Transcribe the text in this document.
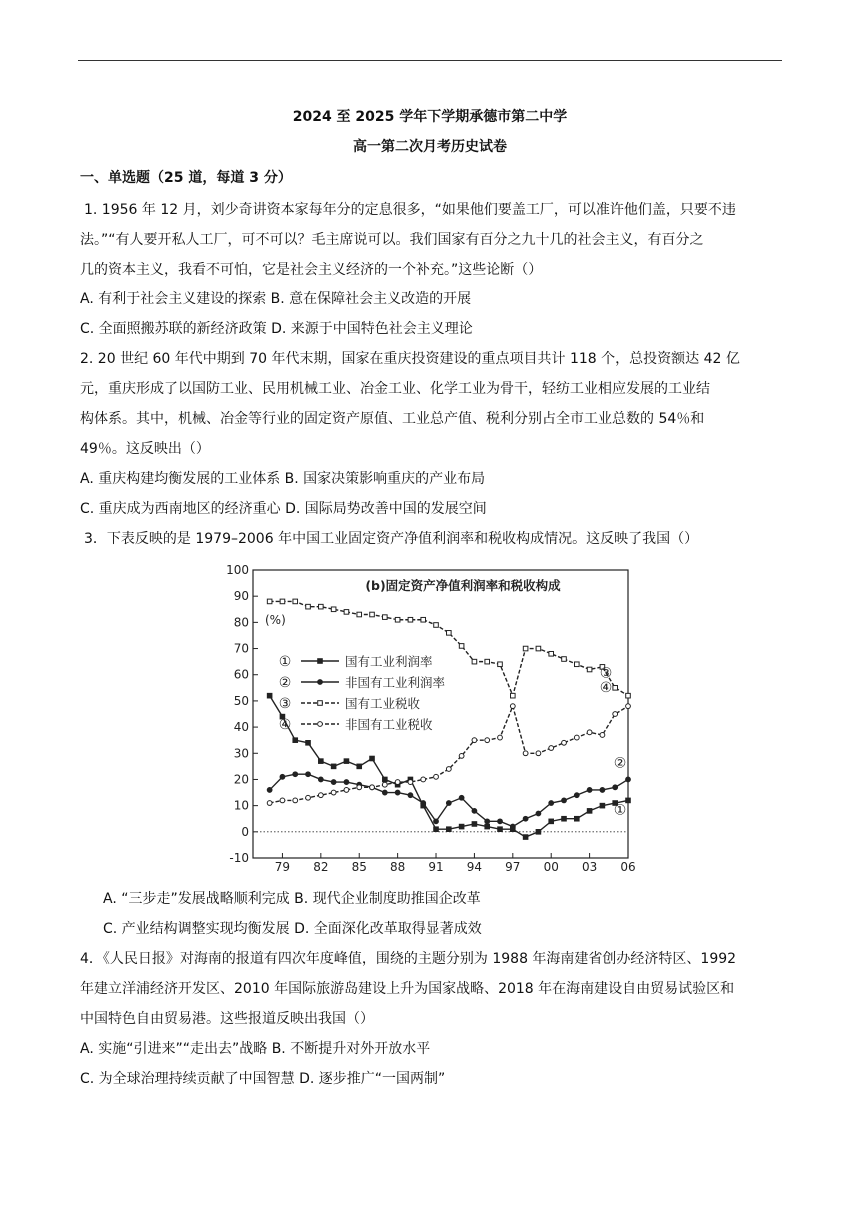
2024 至 2025 学年下学期承德市第二中学
高一第二次月考历史试卷
一、单选题（25 道，每道 3 分）
1. 1956 年 12 月，刘少奇讲资本家每年分的定息很多，“如果他们要盖工厂，可以准许他们盖，只要不违
法。”“有人要开私人工厂，可不可以？毛主席说可以。我们国家有百分之九十几的社会主义，有百分之
几的资本主义，我看不可怕，它是社会主义经济的一个补充。”这些论断（）
A. 有利于社会主义建设的探索 B. 意在保障社会主义改造的开展
C. 全面照搬苏联的新经济政策 D. 来源于中国特色社会主义理论
2. 20 世纪 60 年代中期到 70 年代末期，国家在重庆投资建设的重点项目共计 118 个，总投资额达 42 亿
元，重庆形成了以国防工业、民用机械工业、冶金工业、化学工业为骨干，轻纺工业相应发展的工业结
构体系。其中，机械、冶金等行业的固定资产原值、工业总产值、税利分别占全市工业总数的 54％和
49％。这反映出（）
A. 重庆构建均衡发展的工业体系 B. 国家决策影响重庆的产业布局
C. 重庆成为西南地区的经济重心 D. 国际局势改善中国的发展空间
3．下表反映的是 1979–2006 年中国工业固定资产净值利润率和税收构成情况。这反映了我国（）
-10
0
10
20
30
40
50
60
70
80
90
100
79 82 85 88 91 94 97 00 03 06
(b)固定资产净值利润率和税收构成
(%)
①
②
③
④
①	国有工业利润率
②	非国有工业利润率
③	国有工业税收
④	非国有工业税收
A. “三步走”发展战略顺利完成 B. 现代企业制度助推国企改革
C. 产业结构调整实现均衡发展 D. 全面深化改革取得显著成效
4．《人民日报》对海南的报道有四次年度峰值，围绕的主题分别为 1988 年海南建省创办经济特区、1992
年建立洋浦经济开发区、2010 年国际旅游岛建设上升为国家战略、2018 年在海南建设自由贸易试验区和
中国特色自由贸易港。这些报道反映出我国（）
A. 实施“引进来”“走出去”战略 B. 不断提升对外开放水平
C. 为全球治理持续贡献了中国智慧 D. 逐步推广“一国两制”
